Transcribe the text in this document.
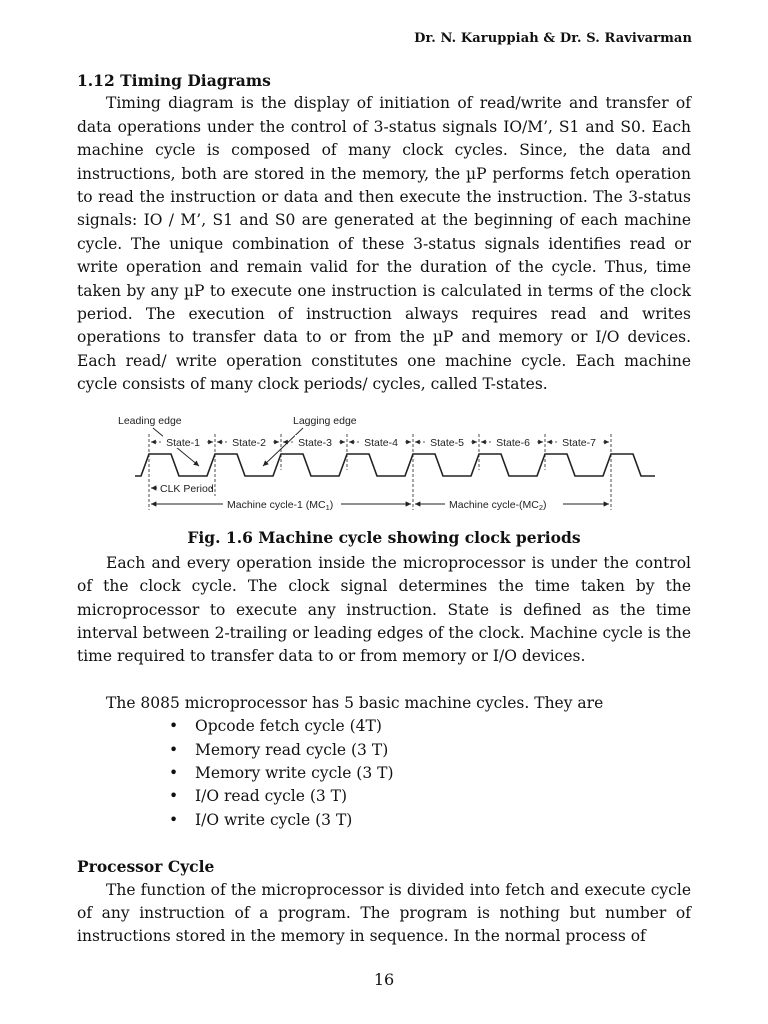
Dr. N. Karuppiah & Dr. S. Ravivarman

1.12 Timing Diagrams

Timing diagram is the display of initiation of read/write and transfer of data operations under the control of 3-status signals IO/M’, S1 and S0. Each machine cycle is composed of many clock cycles. Since, the data and instructions, both are stored in the memory, the µP performs fetch operation to read the instruction or data and then execute the instruction. The 3-status signals: IO / M’, S1 and S0 are generated at the beginning of each machine cycle. The unique combination of these 3-status signals identifies read or write operation and remain valid for the duration of the cycle. Thus, time taken by any µP to execute one instruction is calculated in terms of the clock period. The execution of instruction always requires read and writes operations to transfer data to or from the µP and memory or I/O devices. Each read/ write operation constitutes one machine cycle. Each machine cycle consists of many clock periods/ cycles, called T-states.

Leading edge	Lagging edge
State-1	State-2	State-3	State-4	State-5	State-6	State-7
CLK Period
Machine cycle-1 (MC1)	Machine cycle-(MC2)
Fig. 1.6 Machine cycle showing clock periods

Each and every operation inside the microprocessor is under the control of the clock cycle. The clock signal determines the time taken by the microprocessor to execute any instruction. State is defined as the time interval between 2-trailing or leading edges of the clock. Machine cycle is the time required to transfer data to or from memory or I/O devices.

The 8085 microprocessor has 5 basic machine cycles. They are

• Opcode fetch cycle (4T)
• Memory read cycle (3 T)
• Memory write cycle (3 T)
• I/O read cycle (3 T)
• I/O write cycle (3 T)

Processor Cycle

The function of the microprocessor is divided into fetch and execute cycle of any instruction of a program. The program is nothing but number of instructions stored in the memory in sequence. In the normal process of

16
